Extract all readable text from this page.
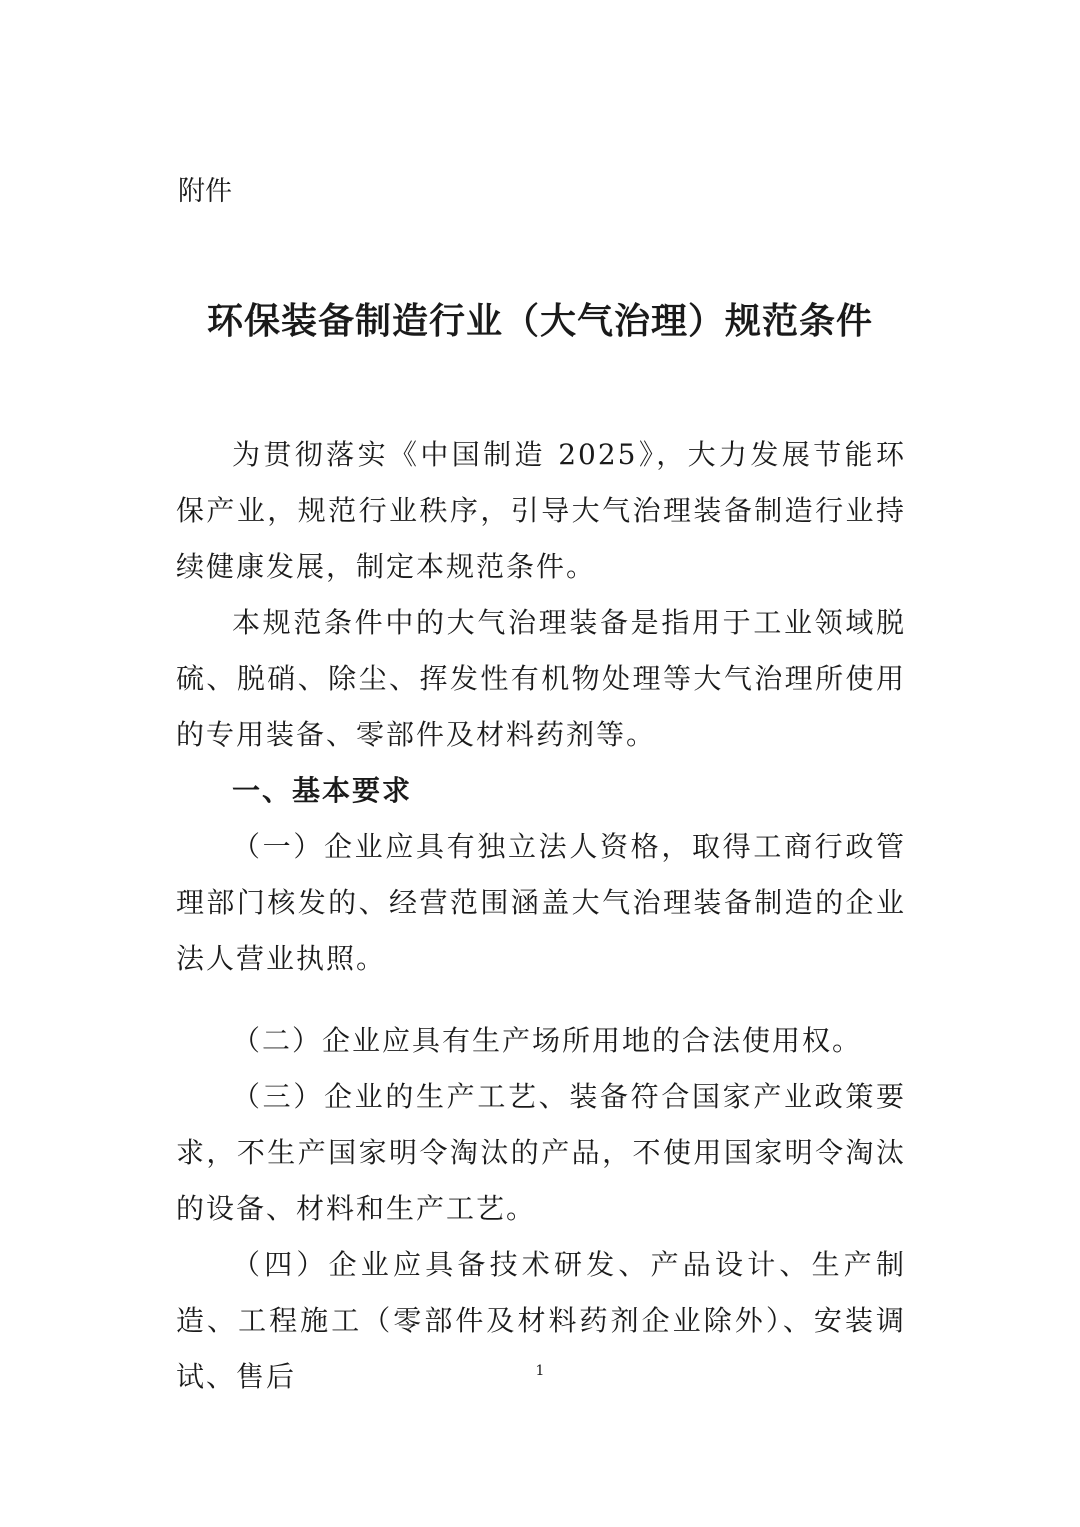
附件
环保装备制造行业（大气治理）规范条件

为贯彻落实《中国制造 2025》，大力发展节能环保产业，规范行业秩序，引导大气治理装备制造行业持续健康发展，制定本规范条件。

本规范条件中的大气治理装备是指用于工业领域脱硫、脱硝、除尘、挥发性有机物处理等大气治理所使用的专用装备、零部件及材料药剂等。

一、基本要求

（一）企业应具有独立法人资格，取得工商行政管理部门核发的、经营范围涵盖大气治理装备制造的企业法人营业执照。

（二）企业应具有生产场所用地的合法使用权。

（三）企业的生产工艺、装备符合国家产业政策要求，不生产国家明令淘汰的产品，不使用国家明令淘汰的设备、材料和生产工艺。

（四）企业应具备技术研发、产品设计、生产制造、工程施工（零部件及材料药剂企业除外）、安装调试、售后	1
